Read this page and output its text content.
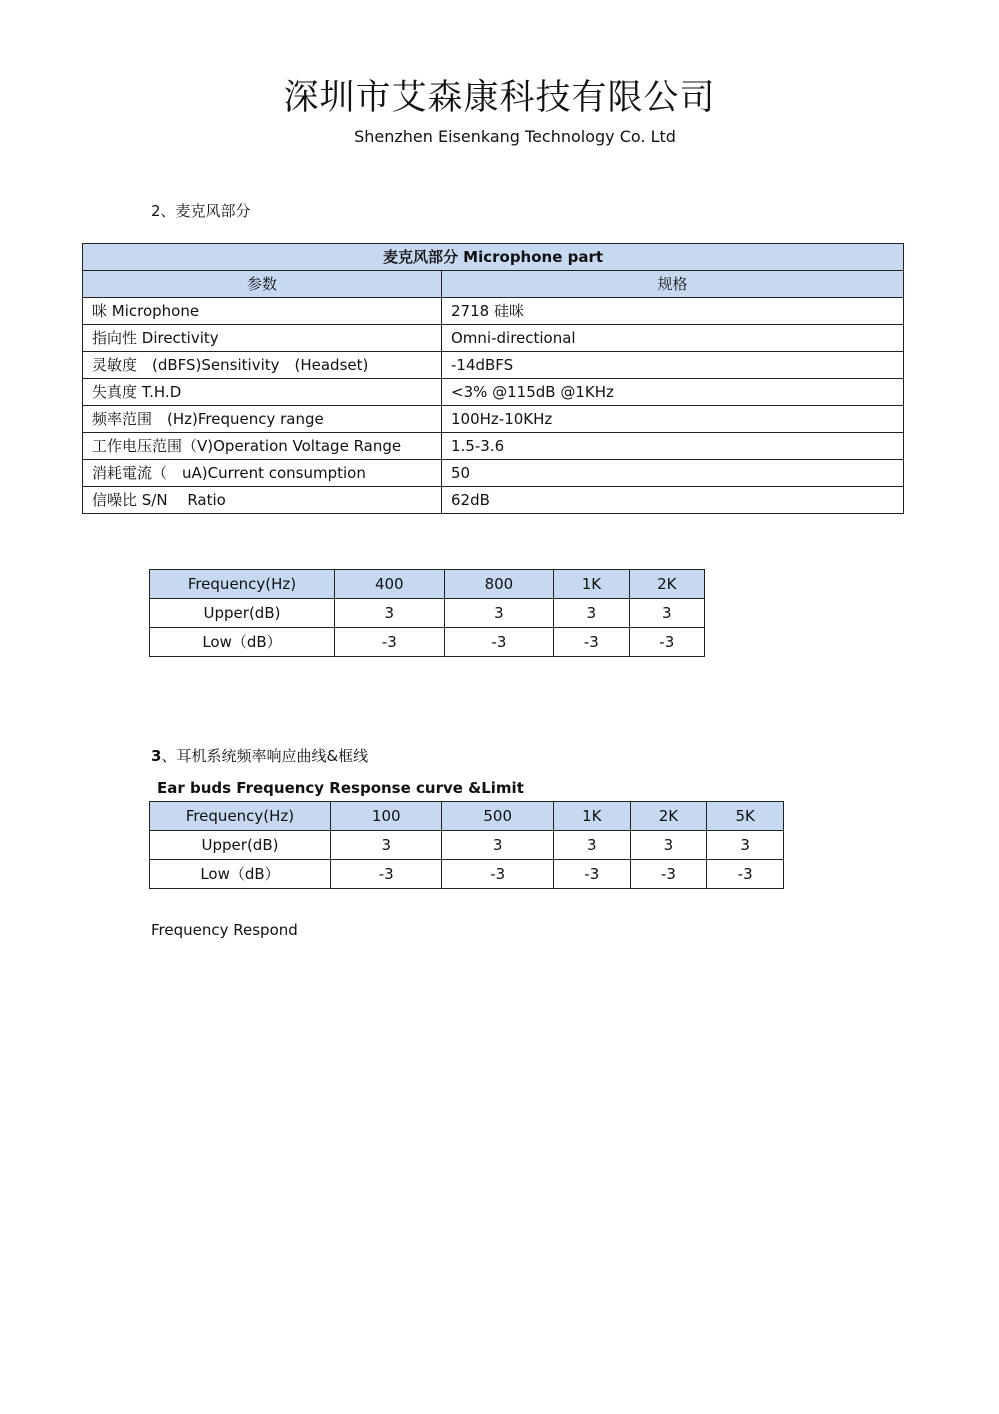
深圳市艾森康科技有限公司
Shenzhen Eisenkang Technology Co. Ltd
2、麦克风部分
麦克风部分 Microphone part	
参数	规格
咪 Microphone	2718 硅咪
指向性 Directivity	Omni-directional
灵敏度　(dBFS)Sensitivity　(Headset)	-14dBFS
失真度 T.H.D	<3% @115dB @1KHz
频率范围　(Hz)Frequency range	100Hz-10KHz
工作电压范围（V)Operation Voltage Range	1.5-3.6
消耗電流（　uA)Current consumption	50
信噪比 S/N　 Ratio	62dB
Frequency(Hz)	400	800	1K	2K
Upper(dB)	3	3	3	3
Low（dB）	-3	-3	-3	-3
3、耳机系统频率响应曲线&框线
Ear buds Frequency Response curve &Limit
Frequency(Hz)	100	500	1K	2K	5K
Upper(dB)	3	3	3	3	3
Low（dB）	-3	-3	-3	-3	-3
Frequency Respond
